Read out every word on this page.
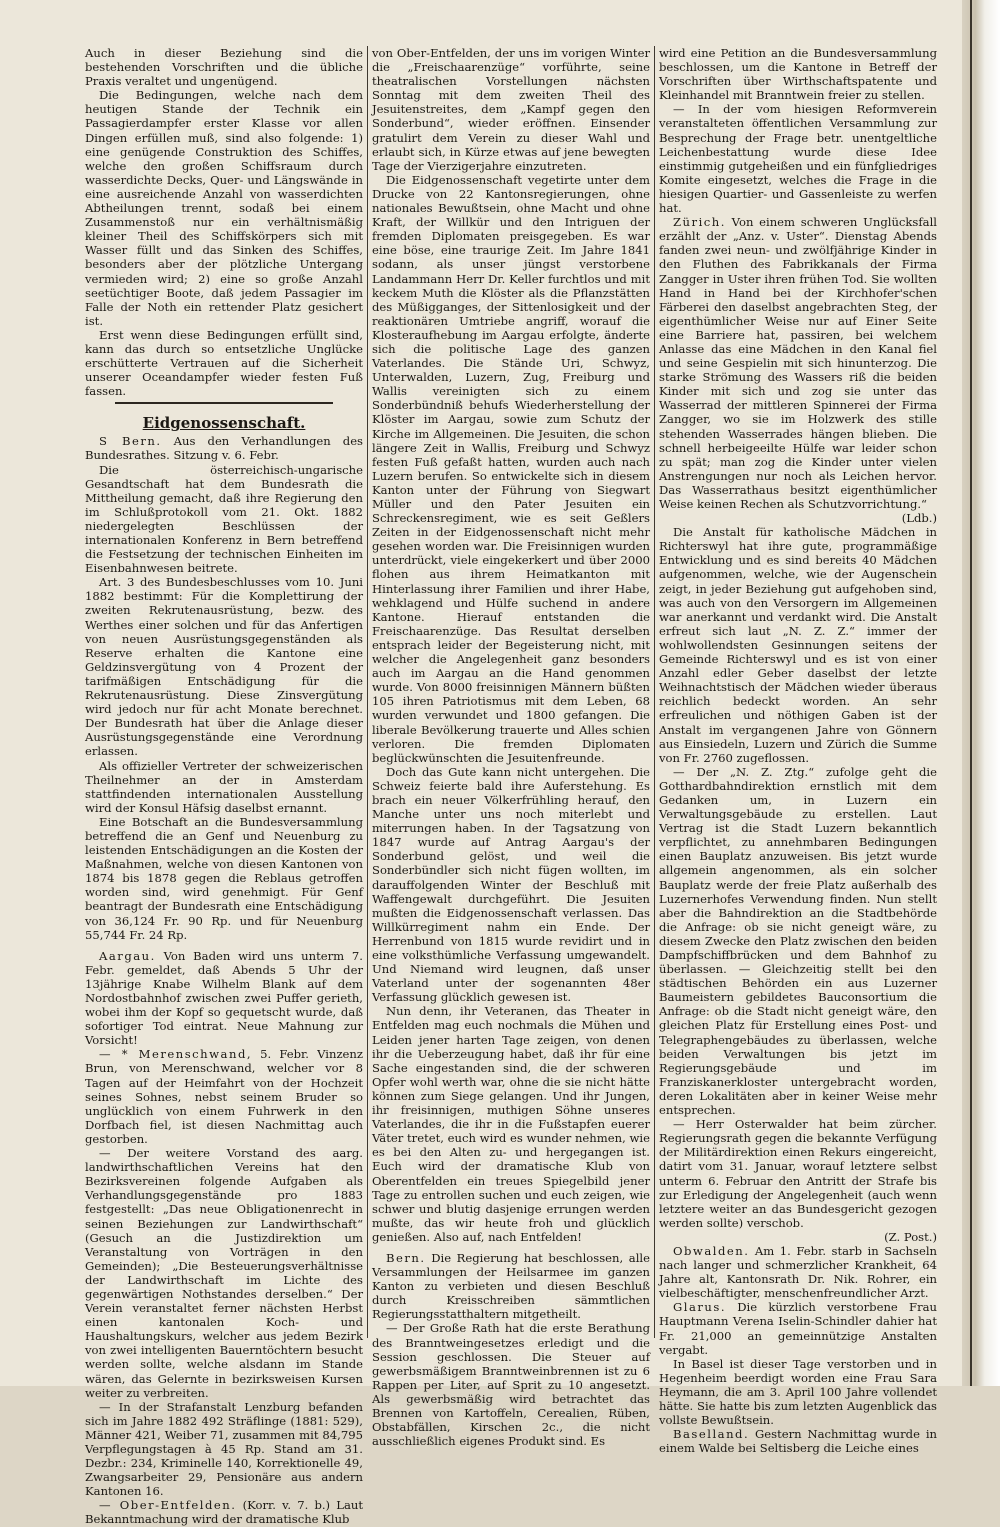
Auch in dieser Beziehung sind die bestehenden Vorschriften und die übliche Praxis veraltet und ungenügend.

Die Bedingungen, welche nach dem heutigen Stande der Technik ein Passagierdampfer erster Klasse vor allen Dingen erfüllen muß, sind also folgende: 1) eine genügende Construktion des Schiffes, welche den großen Schiffsraum durch wasserdichte Decks, Quer- und Längswände in eine ausreichende Anzahl von wasserdichten Abtheilungen trennt, sodaß bei einem Zusammenstoß nur ein verhältnismäßig kleiner Theil des Schiffskörpers sich mit Wasser füllt und das Sinken des Schiffes, besonders aber der plötzliche Untergang vermieden wird; 2) eine so große Anzahl seetüchtiger Boote, daß jedem Passagier im Falle der Noth ein rettender Platz gesichert ist.

Erst wenn diese Bedingungen erfüllt sind, kann das durch so entsetzliche Unglücke erschütterte Vertrauen auf die Sicherheit unserer Oceandampfer wieder festen Fuß fassen.

Eidgenossenschaft.

S Bern. Aus den Verhandlungen des Bundesrathes. Sitzung v. 6. Febr.

Die österreichisch-ungarische Gesandtschaft hat dem Bundesrath die Mittheilung gemacht, daß ihre Regierung den im Schlußprotokoll vom 21. Okt. 1882 niedergelegten Beschlüssen der internationalen Konferenz in Bern betreffend die Festsetzung der technischen Einheiten im Eisenbahnwesen beitrete.

Art. 3 des Bundesbeschlusses vom 10. Juni 1882 bestimmt: Für die Komplettirung der zweiten Rekrutenausrüstung, bezw. des Werthes einer solchen und für das Anfertigen von neuen Ausrüstungsgegenständen als Reserve erhalten die Kantone eine Geldzinsvergütung von 4 Prozent der tarifmäßigen Entschädigung für die Rekrutenausrüstung. Diese Zinsvergütung wird jedoch nur für acht Monate berechnet. Der Bundesrath hat über die Anlage dieser Ausrüstungsgegenstände eine Verordnung erlassen.

Als offizieller Vertreter der schweizerischen Theilnehmer an der in Amsterdam stattfindenden internationalen Ausstellung wird der Konsul Häfsig daselbst ernannt.

Eine Botschaft an die Bundesversammlung betreffend die an Genf und Neuenburg zu leistenden Entschädigungen an die Kosten der Maßnahmen, welche von diesen Kantonen von 1874 bis 1878 gegen die Reblaus getroffen worden sind, wird genehmigt. Für Genf beantragt der Bundesrath eine Entschädigung von 36,124 Fr. 90 Rp. und für Neuenburg 55,744 Fr. 24 Rp.

Aargau. Von Baden wird uns unterm 7. Febr. gemeldet, daß Abends 5 Uhr der 13jährige Knabe Wilhelm Blank auf dem Nordostbahnhof zwischen zwei Puffer gerieth, wobei ihm der Kopf so gequetscht wurde, daß sofortiger Tod eintrat. Neue Mahnung zur Vorsicht!

— * Merenschwand, 5. Febr. Vinzenz Brun, von Merenschwand, welcher vor 8 Tagen auf der Heimfahrt von der Hochzeit seines Sohnes, nebst seinem Bruder so unglücklich von einem Fuhrwerk in den Dorfbach fiel, ist diesen Nachmittag auch gestorben.

— Der weitere Vorstand des aarg. landwirthschaftlichen Vereins hat den Bezirksvereinen folgende Aufgaben als Verhandlungsgegenstände pro 1883 festgestellt: „Das neue Obligationenrecht in seinen Beziehungen zur Landwirthschaft“ (Gesuch an die Justizdirektion um Veranstaltung von Vorträgen in den Gemeinden); „Die Besteuerungsverhältnisse der Landwirthschaft im Lichte des gegenwärtigen Nothstandes derselben.“ Der Verein veranstaltet ferner nächsten Herbst einen kantonalen Koch- und Haushaltungskurs, welcher aus jedem Bezirk von zwei intelligenten Bauerntöchtern besucht werden sollte, welche alsdann im Stande wären, das Gelernte in bezirksweisen Kursen weiter zu verbreiten.

— In der Strafanstalt Lenzburg befanden sich im Jahre 1882 492 Sträflinge (1881: 529), Männer 421, Weiber 71, zusammen mit 84,795 Verpflegungstagen à 45 Rp. Stand am 31. Dezbr.: 234, Kriminelle 140, Korrektionelle 49, Zwangsarbeiter 29, Pensionäre aus andern Kantonen 16.

— Ober-Entfelden. (Korr. v. 7. b.) Laut Bekanntmachung wird der dramatische Klub

von Ober-Entfelden, der uns im vorigen Winter die „Freischaarenzüge“ vorführte, seine theatralischen Vorstellungen nächsten Sonntag mit dem zweiten Theil des Jesuitenstreites, dem „Kampf gegen den Sonderbund“, wieder eröffnen. Einsender gratulirt dem Verein zu dieser Wahl und erlaubt sich, in Kürze etwas auf jene bewegten Tage der Vierzigerjahre einzutreten.

Die Eidgenossenschaft vegetirte unter dem Drucke von 22 Kantonsregierungen, ohne nationales Bewußtsein, ohne Macht und ohne Kraft, der Willkür und den Intriguen der fremden Diplomaten preisgegeben. Es war eine böse, eine traurige Zeit. Im Jahre 1841 sodann, als unser jüngst verstorbene Landammann Herr Dr. Keller furchtlos und mit keckem Muth die Klöster als die Pflanzstätten des Müßigganges, der Sittenlosigkeit und der reaktionären Umtriebe angriff, worauf die Klosteraufhebung im Aargau erfolgte, änderte sich die politische Lage des ganzen Vaterlandes. Die Stände Uri, Schwyz, Unterwalden, Luzern, Zug, Freiburg und Wallis vereinigten sich zu einem Sonderbündniß behufs Wiederherstellung der Klöster im Aargau, sowie zum Schutz der Kirche im Allgemeinen. Die Jesuiten, die schon längere Zeit in Wallis, Freiburg und Schwyz festen Fuß gefaßt hatten, wurden auch nach Luzern berufen. So entwickelte sich in diesem Kanton unter der Führung von Siegwart Müller und den Pater Jesuiten ein Schreckensregiment, wie es seit Geßlers Zeiten in der Eidgenossenschaft nicht mehr gesehen worden war. Die Freisinnigen wurden unterdrückt, viele eingekerkert und über 2000 flohen aus ihrem Heimatkanton mit Hinterlassung ihrer Familien und ihrer Habe, wehklagend und Hülfe suchend in andere Kantone. Hierauf entstanden die Freischaarenzüge. Das Resultat derselben entsprach leider der Begeisterung nicht, mit welcher die Angelegenheit ganz besonders auch im Aargau an die Hand genommen wurde. Von 8000 freisinnigen Männern büßten 105 ihren Patriotismus mit dem Leben, 68 wurden verwundet und 1800 gefangen. Die liberale Bevölkerung trauerte und Alles schien verloren. Die fremden Diplomaten beglückwünschten die Jesuitenfreunde.

Doch das Gute kann nicht untergehen. Die Schweiz feierte bald ihre Auferstehung. Es brach ein neuer Völkerfrühling herauf, den Manche unter uns noch miterlebt und miterrungen haben. In der Tagsatzung von 1847 wurde auf Antrag Aargau's der Sonderbund gelöst, und weil die Sonderbündler sich nicht fügen wollten, im darauffolgenden Winter der Beschluß mit Waffengewalt durchgeführt. Die Jesuiten mußten die Eidgenossenschaft verlassen. Das Willkürregiment nahm ein Ende. Der Herrenbund von 1815 wurde revidirt und in eine volksthümliche Verfassung umgewandelt. Und Niemand wird leugnen, daß unser Vaterland unter der sogenannten 48er Verfassung glücklich gewesen ist.

Nun denn, ihr Veteranen, das Theater in Entfelden mag euch nochmals die Mühen und Leiden jener harten Tage zeigen, von denen ihr die Ueberzeugung habet, daß ihr für eine Sache eingestanden sind, die der schweren Opfer wohl werth war, ohne die sie nicht hätte können zum Siege gelangen. Und ihr Jungen, ihr freisinnigen, muthigen Söhne unseres Vaterlandes, die ihr in die Fußstapfen euerer Väter tretet, euch wird es wunder nehmen, wie es bei den Alten zu- und hergegangen ist. Euch wird der dramatische Klub von Oberentfelden ein treues Spiegelbild jener Tage zu entrollen suchen und euch zeigen, wie schwer und blutig dasjenige errungen werden mußte, das wir heute froh und glücklich genießen. Also auf, nach Entfelden!

Bern. Die Regierung hat beschlossen, alle Versammlungen der Heilsarmee im ganzen Kanton zu verbieten und diesen Beschluß durch Kreisschreiben sämmtlichen Regierungsstatthaltern mitgetheilt.

— Der Große Rath hat die erste Berathung des Branntweingesetzes erledigt und die Session geschlossen. Die Steuer auf gewerbsmäßigem Branntweinbrennen ist zu 6 Rappen per Liter, auf Sprit zu 10 angesetzt. Als gewerbsmäßig wird betrachtet das Brennen von Kartoffeln, Cerealien, Rüben, Obstabfällen, Kirschen 2c., die nicht ausschließlich eigenes Produkt sind. Es

wird eine Petition an die Bundesversammlung beschlossen, um die Kantone in Betreff der Vorschriften über Wirthschaftspatente und Kleinhandel mit Branntwein freier zu stellen.

— In der vom hiesigen Reformverein veranstalteten öffentlichen Versammlung zur Besprechung der Frage betr. unentgeltliche Leichenbestattung wurde diese Idee einstimmig gutgeheißen und ein fünfgliedriges Komite eingesetzt, welches die Frage in die hiesigen Quartier- und Gassenleiste zu werfen hat.

Zürich. Von einem schweren Unglücksfall erzählt der „Anz. v. Uster“. Dienstag Abends fanden zwei neun- und zwölfjährige Kinder in den Fluthen des Fabrikkanals der Firma Zangger in Uster ihren frühen Tod. Sie wollten Hand in Hand bei der Kirchhofer'schen Färberei den daselbst angebrachten Steg, der eigenthümlicher Weise nur auf Einer Seite eine Barriere hat, passiren, bei welchem Anlasse das eine Mädchen in den Kanal fiel und seine Gespielin mit sich hinunterzog. Die starke Strömung des Wassers riß die beiden Kinder mit sich und zog sie unter das Wasserrad der mittleren Spinnerei der Firma Zangger, wo sie im Holzwerk des stille stehenden Wasserrades hängen blieben. Die schnell herbeigeeilte Hülfe war leider schon zu spät; man zog die Kinder unter vielen Anstrengungen nur noch als Leichen hervor. Das Wasserrathaus besitzt eigenthümlicher Weise keinen Rechen als Schutzvorrichtung.“

(Ldb.)

Die Anstalt für katholische Mädchen in Richterswyl hat ihre gute, programmäßige Entwicklung und es sind bereits 40 Mädchen aufgenommen, welche, wie der Augenschein zeigt, in jeder Beziehung gut aufgehoben sind, was auch von den Versorgern im Allgemeinen war anerkannt und verdankt wird. Die Anstalt erfreut sich laut „N. Z. Z.“ immer der wohlwollendsten Gesinnungen seitens der Gemeinde Richterswyl und es ist von einer Anzahl edler Geber daselbst der letzte Weihnachtstisch der Mädchen wieder überaus reichlich bedeckt worden. An sehr erfreulichen und nöthigen Gaben ist der Anstalt im vergangenen Jahre von Gönnern aus Einsiedeln, Luzern und Zürich die Summe von Fr. 2760 zugeflossen.

— Der „N. Z. Ztg.“ zufolge geht die Gotthardbahndirektion ernstlich mit dem Gedanken um, in Luzern ein Verwaltungsgebäude zu erstellen. Laut Vertrag ist die Stadt Luzern bekanntlich verpflichtet, zu annehmbaren Bedingungen einen Bauplatz anzuweisen. Bis jetzt wurde allgemein angenommen, als ein solcher Bauplatz werde der freie Platz außerhalb des Luzernerhofes Verwendung finden. Nun stellt aber die Bahndirektion an die Stadtbehörde die Anfrage: ob sie nicht geneigt wäre, zu diesem Zwecke den Platz zwischen den beiden Dampfschiffbrücken und dem Bahnhof zu überlassen. — Gleichzeitig stellt bei den städtischen Behörden ein aus Luzerner Baumeistern gebildetes Bauconsortium die Anfrage: ob die Stadt nicht geneigt wäre, den gleichen Platz für Erstellung eines Post- und Telegraphengebäudes zu überlassen, welche beiden Verwaltungen bis jetzt im Regierungsgebäude und im Franziskanerkloster untergebracht worden, deren Lokalitäten aber in keiner Weise mehr entsprechen.

— Herr Osterwalder hat beim zürcher. Regierungsrath gegen die bekannte Verfügung der Militärdirektion einen Rekurs eingereicht, datirt vom 31. Januar, worauf letztere selbst unterm 6. Februar den Antritt der Strafe bis zur Erledigung der Angelegenheit (auch wenn letztere weiter an das Bundesgericht gezogen werden sollte) verschob.

(Z. Post.)

Obwalden. Am 1. Febr. starb in Sachseln nach langer und schmerzlicher Krankheit, 64 Jahre alt, Kantonsrath Dr. Nik. Rohrer, ein vielbeschäftigter, menschenfreundlicher Arzt.

Glarus. Die kürzlich verstorbene Frau Hauptmann Verena Iselin-Schindler dahier hat Fr. 21,000 an gemeinnützige Anstalten vergabt.

In Basel ist dieser Tage verstorben und in Hegenheim beerdigt worden eine Frau Sara Heymann, die am 3. April 100 Jahre vollendet hätte. Sie hatte bis zum letzten Augenblick das vollste Bewußtsein.

Baselland. Gestern Nachmittag wurde in einem Walde bei Seltisberg die Leiche eines
